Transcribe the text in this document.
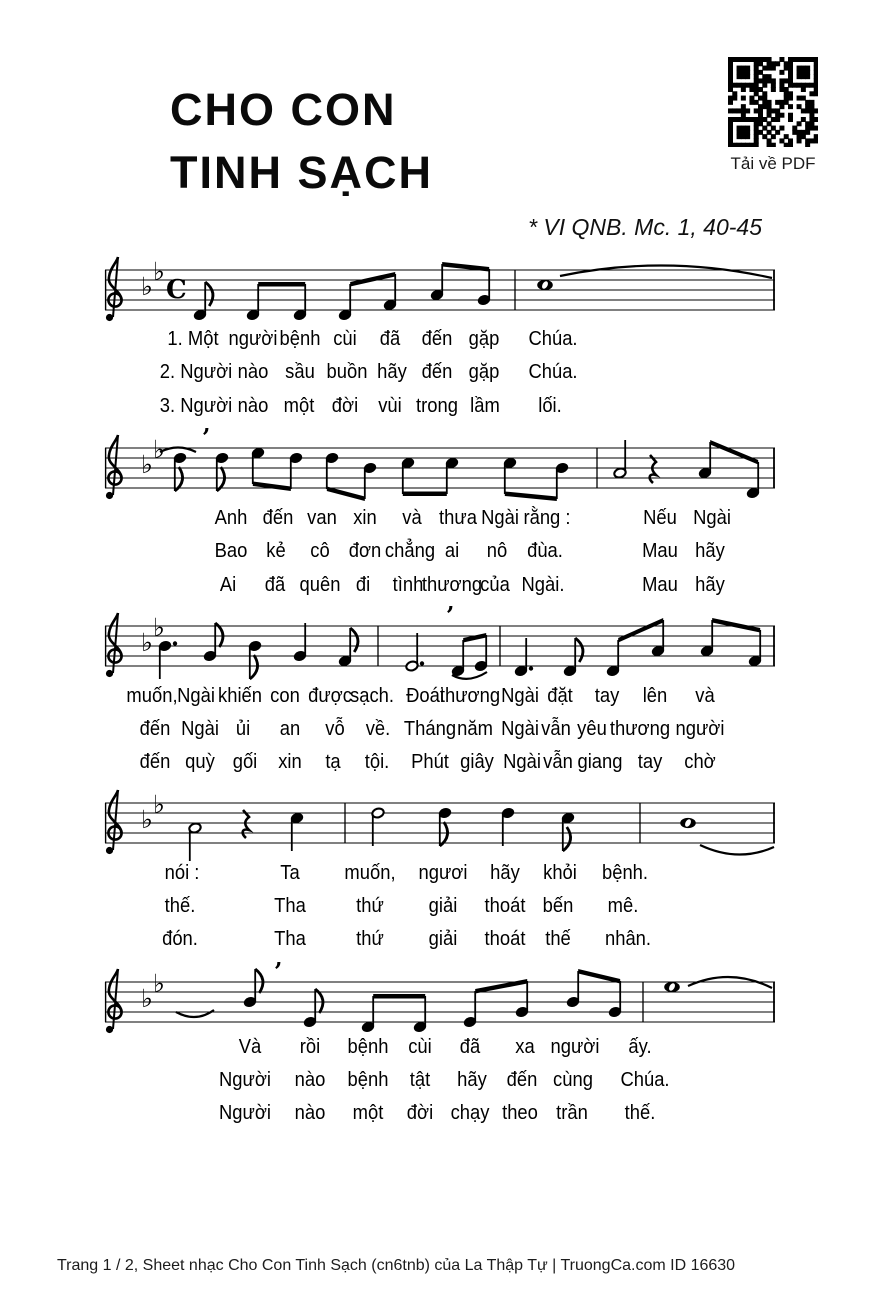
CHO CON
TINH SẠCH
* VI QNB. Mc. 1, 40-45
Tải về PDF
♭
♭
C
♭
♭ ’
♭
♭	’
♭
♭
♭
♭	’
1. Một người bệnh cùi đã đến gặp Chúa.
2. Người nào sầu buồn hãy đến gặp Chúa.
3. Người nào một đời vùi trong lầm lối.
Anh đến van xin và thưa Ngài rằng :	Nếu Ngài
Bao kẻ cô đơn chẳng ai nô đùa.	Mau hãy
Ai đã quên đi tình
thương
của Ngài.	Mau hãy
muốn, Ngài khiến con được
sạch. Đoái
thương Ngài đặt tay lên và
đến Ngài ủi an vỗ về. Tháng năm Ngài vẫn yêu thương người
đến quỳ gối xin tạ tội. Phút giây Ngài vẫn giang tay chờ
nói :	Ta muốn, ngươi hãy khỏi bệnh.
thế.	Tha	thứ giải thoát bến mê.
đón.	Tha	thứ giải thoát thế nhân.
Và rồi bệnh cùi đã xa người ấy.
Người nào bệnh tật hãy đến cùng Chúa.
Người nào một đời chạy theo trần thế.
Trang 1 / 2, Sheet nhạc Cho Con Tinh Sạch (cn6tnb) của La Thập Tự | TruongCa.com ID 16630
